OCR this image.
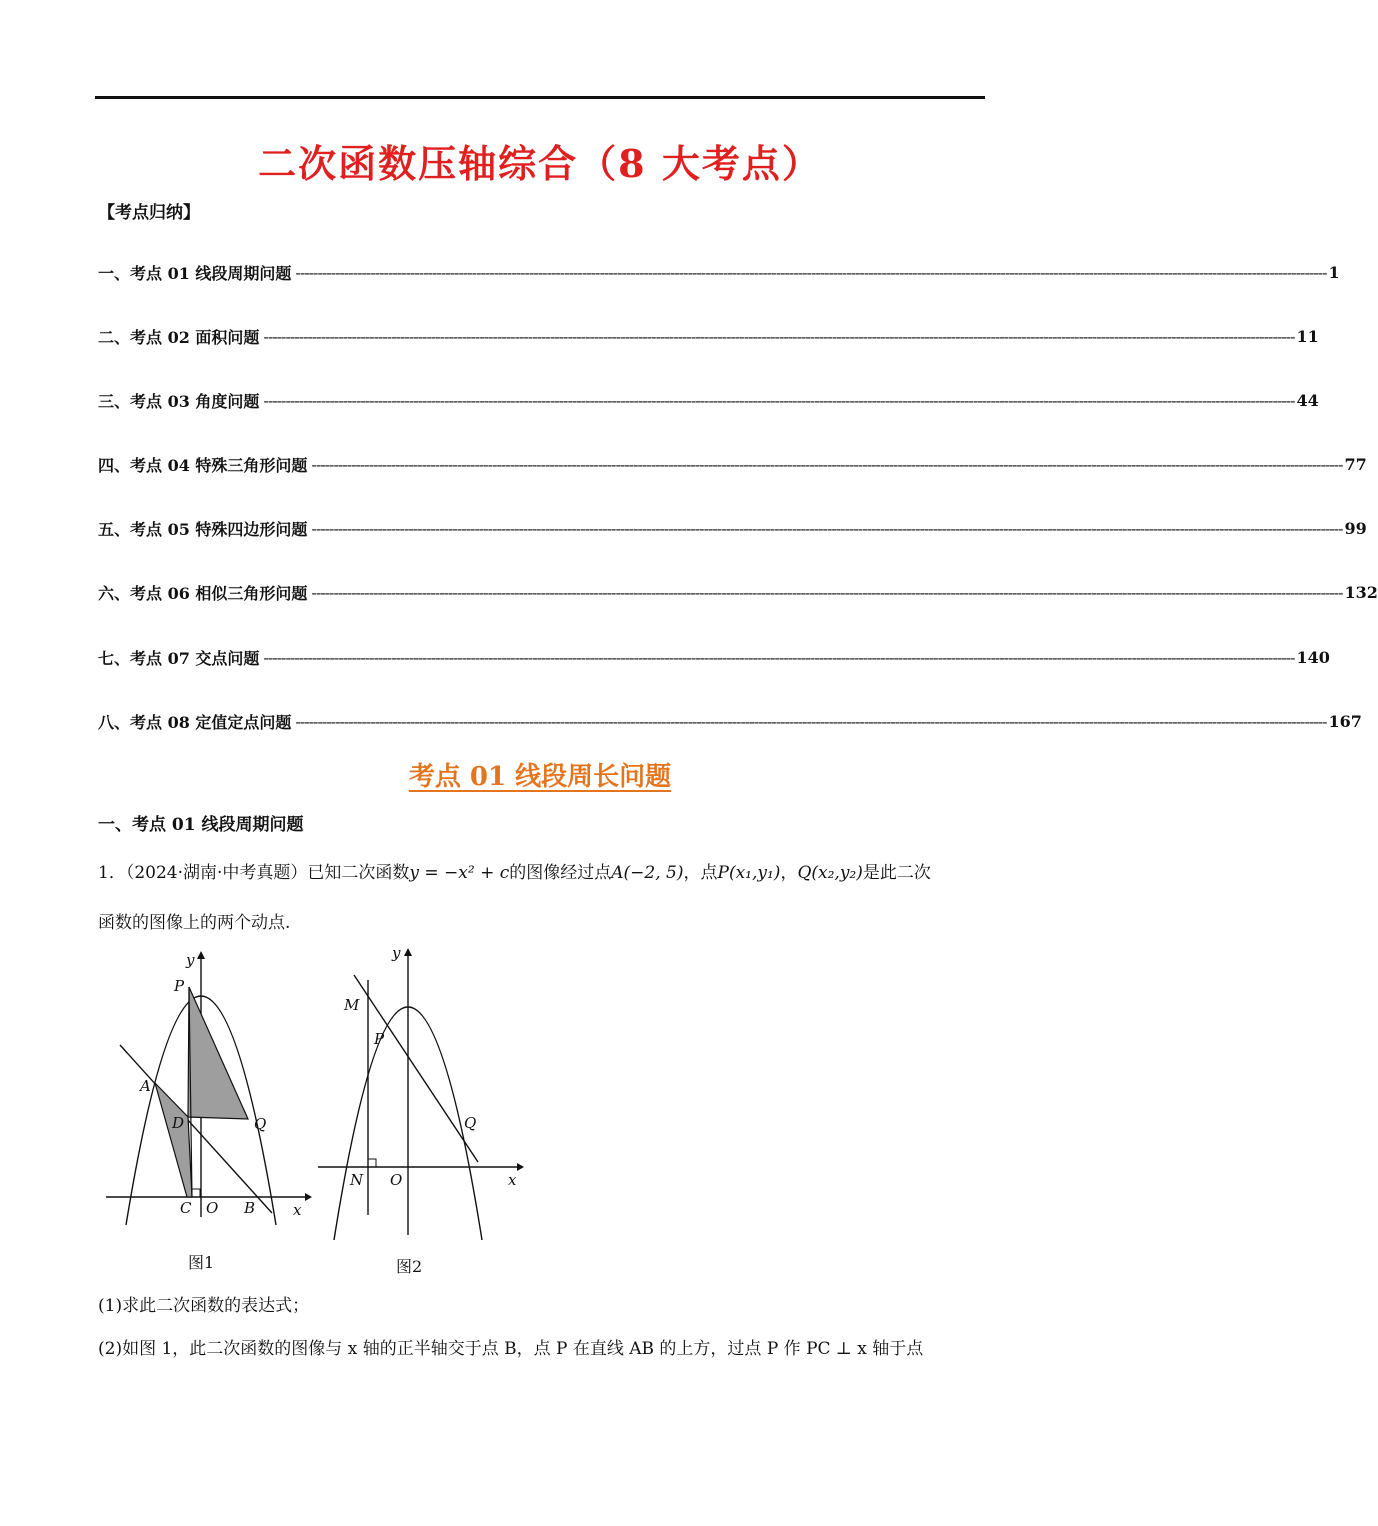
二次函数压轴综合（8 大考点）
【考点归纳】
一、考点 01 线段周期问题 ------------------------------------------------------------------------------------------------------------------------------------------------------------------------------------------------------------------------------------------ 1
二、考点 02 面积问题 ------------------------------------------------------------------------------------------------------------------------------------------------------------------------------------------------------------------------------------------ 11
三、考点 03 角度问题 ------------------------------------------------------------------------------------------------------------------------------------------------------------------------------------------------------------------------------------------ 44
四、考点 04 特殊三角形问题 ------------------------------------------------------------------------------------------------------------------------------------------------------------------------------------------------------------------------------------------ 77
五、考点 05 特殊四边形问题 ------------------------------------------------------------------------------------------------------------------------------------------------------------------------------------------------------------------------------------------ 99
六、考点 06 相似三角形问题 ------------------------------------------------------------------------------------------------------------------------------------------------------------------------------------------------------------------------------------------ 132
七、考点 07 交点问题 ------------------------------------------------------------------------------------------------------------------------------------------------------------------------------------------------------------------------------------------ 140
八、考点 08 定值定点问题 ------------------------------------------------------------------------------------------------------------------------------------------------------------------------------------------------------------------------------------------ 167
考点 01 线段周长问题
一、考点 01 线段周期问题
1．（2024·湖南·中考真题）已知二次函数y = −x² + c的图像经过点A(−2, 5)，点P(x₁,y₁)，Q(x₂,y₂)是此二次
函数的图像上的两个动点.
y
x
P
A
D	Q
C O B
图1
y
x
M
P
Q
N O
图2
(1)求此二次函数的表达式；
(2)如图 1，此二次函数的图像与 x 轴的正半轴交于点 B，点 P 在直线 AB 的上方，过点 P 作 PC ⊥ x 轴于点
